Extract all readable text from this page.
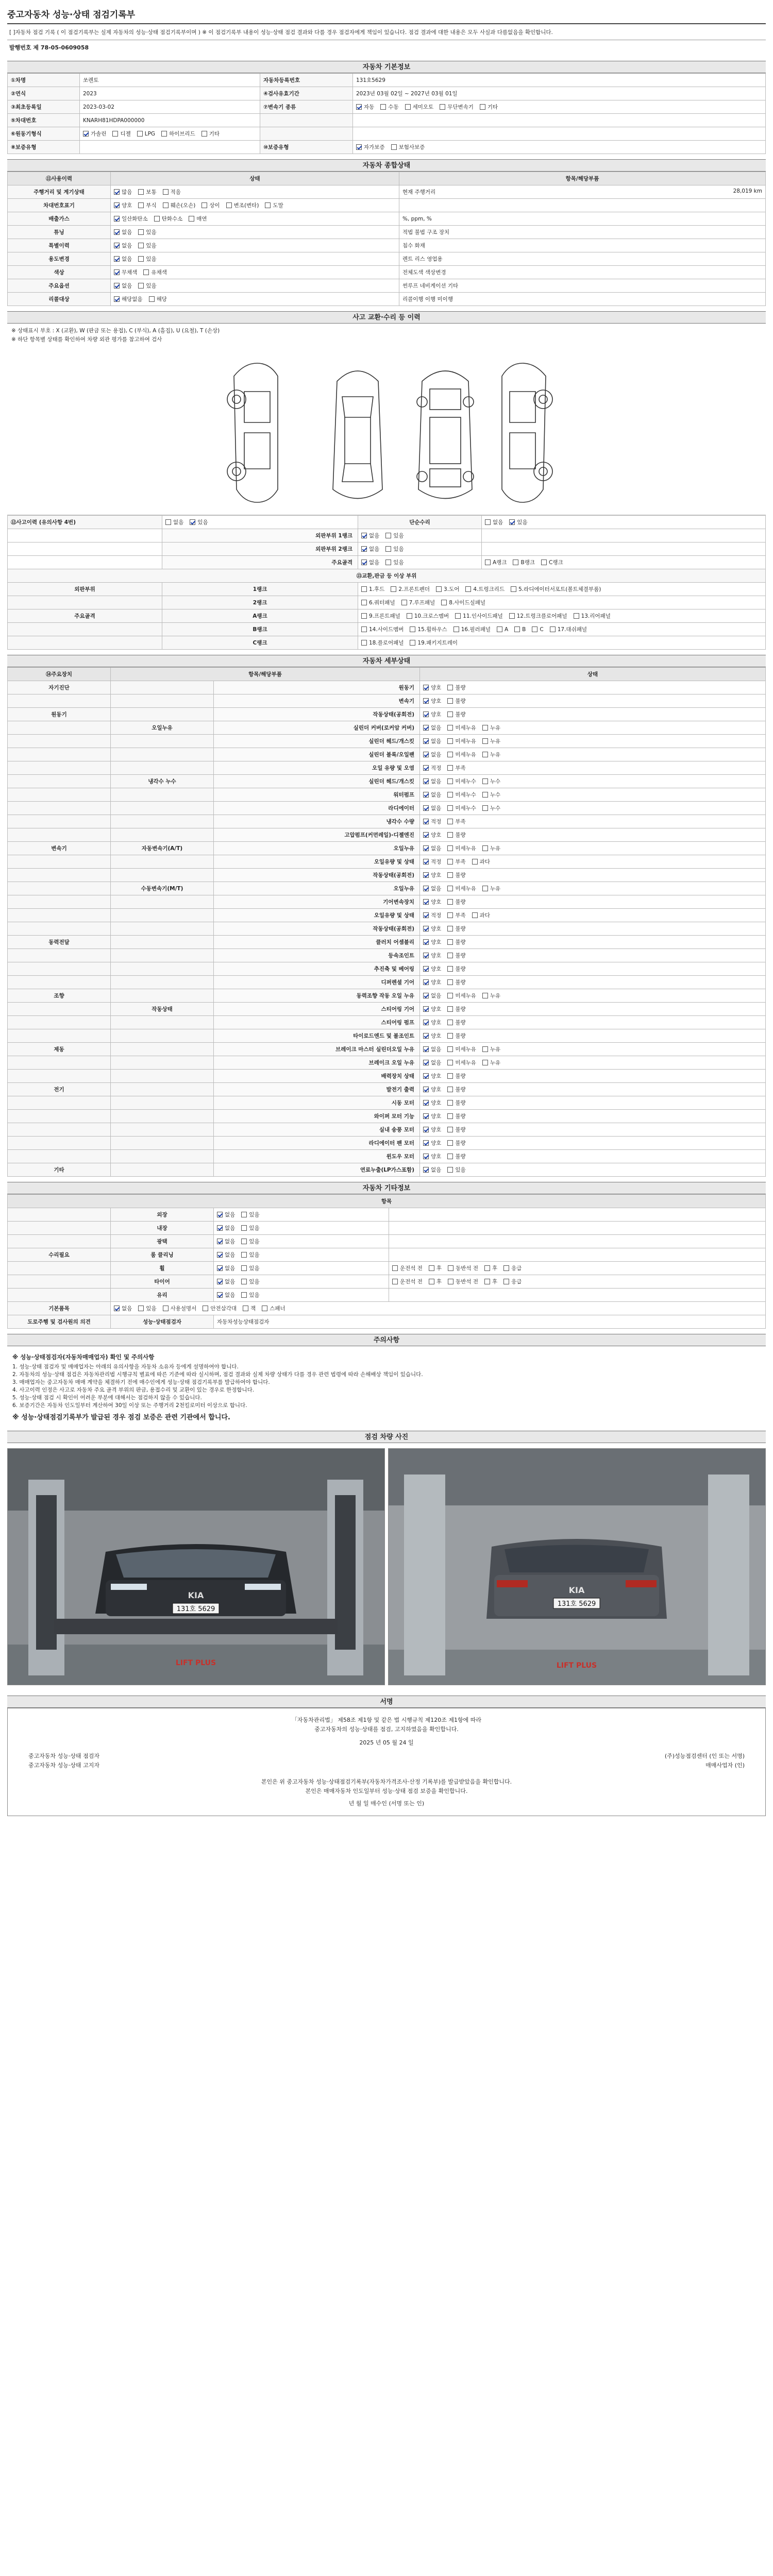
중고자동차 성능·상태 점검기록부
[ ]자동차 점검 기록 ( 이 점검기록부는 실제 자동차의 성능·상태 점검기록부이며 ) ※ 이 점검기록부 내용이 성능·상태 점검 결과와 다를 경우 점검자에게 책임이 있습니다. 점검 결과에 대한 내용은 모두 사실과 다름없음을 확인합니다.
발행번호 제 78-05-0609058
자동차 기본정보
①차명	쏘렌토	자동차등록번호	131호5629
②연식	2023	④검사유효기간	2023년 03월 02일 ~ 2027년 03월 01일
③최초등록일	2023-03-02	⑦변속기 종류	자동 수동 세미오토 무단변속기 기타
⑤차대번호	KNARH81HDPA000000		
⑥원동기형식	가솔린 디젤 LPG 하이브리드 기타		
⑧보증유형		⑩보증유형	자가보증 보험사보증
자동차 종합상태
⑪사용이력	상태	항목/해당부품
주행거리 및 계기상태	많음 보통 적음	현재 주행거리 28,019 km

차대번호표기	양호 부식 훼손(오손) 상이 변조(변타) 도말	
배출가스	일산화탄소 탄화수소 매연	%, ppm, %
튜닝	없음 있음	적법 불법 구조 장치
특별이력	없음 있음	침수 화재
용도변경	없음 있음	렌트 리스 영업용
색상	무채색 유채색	전체도색 색상변경
주요옵션	없음 있음	썬루프 네비게이션 기타
리콜대상	해당없음 해당	리콜이행 이행 미이행
사고 교환·수리 등 이력
※ 상태표시 부호 : X (교환), W (판금 또는 용접), C (부식), A (흠집), U (요철), T (손상)
※ 하단 항목별 상태를 확인하여 차량 외관 평가를 참고하여 검사
⑫사고이력 (유의사항 4번)	없음 있음	단순수리	없음 있음
	외판부위 1랭크	없음 있음	
	외판부위 2랭크	없음 있음	
	주요골격	없음 있음	A랭크 B랭크 C랭크
⑬교환,판금 등 이상 부위			
외판부위	1랭크	1.후드 2.프론트펜더 3.도어 4.트렁크리드 5.라디에이터서포트(볼트체결부품)	
	2랭크	6.쿼터패널 7.루프패널 8.사이드실패널	
주요골격	A랭크	9.프론트패널 10.크로스멤버 11.인사이드패널 12.트렁크플로어패널 13.리어패널	
	B랭크	14.사이드멤버 15.휠하우스 16.필러패널 A B C 17.대쉬패널	
	C랭크	18.플로어패널 19.패키지트레이	
자동차 세부상태
⑭주요장치	항목/해당부품		상태
자기진단		원동기	양호 불량
		변속기	양호 불량
원동기		작동상태(공회전)	양호 불량
	오일누유	실린더 커버(로커암 커버)	없음 미세누유 누유
		실린더 헤드/개스킷	없음 미세누유 누유
		실린더 블록/오일팬	없음 미세누유 누유
		오일 유량 및 오염	적정 부족
	냉각수 누수	실린더 헤드/개스킷	없음 미세누수 누수
		워터펌프	없음 미세누수 누수
		라디에이터	없음 미세누수 누수
		냉각수 수량	적정 부족
		고압펌프(커먼레일)-디젤엔진	양호 불량
변속기	자동변속기(A/T)	오일누유	없음 미세누유 누유
		오일유량 및 상태	적정 부족 과다
		작동상태(공회전)	양호 불량
	수동변속기(M/T)	오일누유	없음 미세누유 누유
		기어변속장치	양호 불량
		오일유량 및 상태	적정 부족 과다
		작동상태(공회전)	양호 불량
동력전달		클러치 어셈블리	양호 불량
		등속조인트	양호 불량
		추진축 및 베어링	양호 불량
		디퍼렌셜 기어	양호 불량
조향		동력조향 작동 오일 누유	없음 미세누유 누유
	작동상태	스티어링 기어	양호 불량
		스티어링 펌프	양호 불량
		타이로드엔드 및 볼조인트	양호 불량
제동		브레이크 마스터 실린더오일 누유	없음 미세누유 누유
		브레이크 오일 누유	없음 미세누유 누유
		배력장치 상태	양호 불량
전기		발전기 출력	양호 불량
		시동 모터	양호 불량
		와이퍼 모터 기능	양호 불량
		실내 송풍 모터	양호 불량
		라디에이터 팬 모터	양호 불량
		윈도우 모터	양호 불량
기타		연료누출(LP가스포함)	없음 있음
자동차 기타정보
항목			
	외장	없음 있음	
	내장	없음 있음	
	광택	없음 있음	
수리필요	룸 클리닝	없음 있음	
	휠	없음 있음	운전석 전 후 동반석 전 후 응급
	타이어	없음 있음	운전석 전 후 동반석 전 후 응급
	유리	없음 있음	
기본품목	없음 있음 사용설명서 안전삼각대 잭 스패너		
도로주행 및 검사원의 의견	성능·상태점검자	자동차성능상태점검자	
주의사항
※ 성능·상태점검자(자동차매매업자) 확인 및 주의사항
1. 성능·상태 점검자 및 매매업자는 아래의 유의사항을 자동차 소유자 등에게 설명하여야 합니다.
2. 자동차의 성능·상태 점검은 자동차관리법 시행규칙 별표에 따른 기준에 따라 실시하며, 점검 결과와 실제 차량 상태가 다를 경우 관련 법령에 따라 손해배상 책임이 있습니다.
3. 매매업자는 중고자동차 매매 계약을 체결하기 전에 매수인에게 성능·상태 점검기록부를 발급하여야 합니다.
4. 사고이력 인정은 사고로 자동차 주요 골격 부위의 판금, 용접수리 및 교환이 있는 경우로 한정합니다.
5. 성능·상태 점검 시 확인이 어려운 부분에 대해서는 점검하지 않을 수 있습니다.
6. 보증기간은 자동차 인도일부터 계산하여 30일 이상 또는 주행거리 2천킬로미터 이상으로 합니다.
※ 성능·상태점검기록부가 발급된 경우 점검 보증은 관련 기관에서 합니다.
점검 차량 사진
131호 5629
KIA
LIFT PLUS
131호 5629
KIA
LIFT PLUS
서명
「자동차관리법」 제58조 제1항 및 같은 법 시행규칙 제120조 제1항에 따라
중고자동차의 성능·상태를 점검, 고지하였음을 확인합니다.
2025 년 05 월 24 일
중고자동차 성능·상태 점검자	(주)성능점검센터 (인 또는 서명)
중고자동차 성능·상태 고지자	매매사업자 (인)
본인은 위 중고자동차 성능·상태점검기록부(자동차가격조사·산정 기록부)를 발급받았음을 확인합니다.
본인은 매매자동차 인도일부터 성능·상태 점검 보증을 확인합니다.
년 월 일 매수인 (서명 또는 인)
